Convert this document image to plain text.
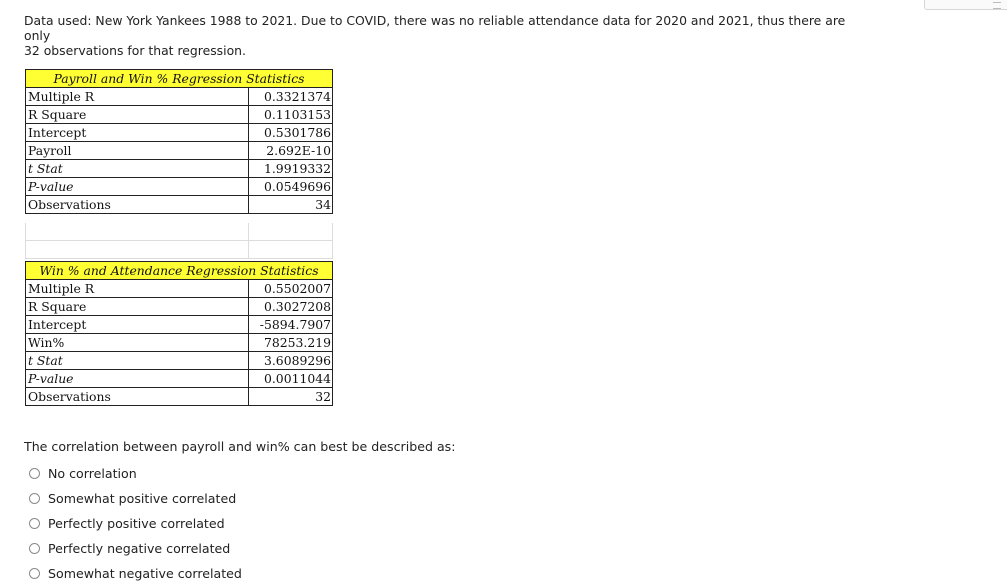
Data used: New York Yankees 1988 to 2021. Due to COVID, there was no reliable attendance data for 2020 and 2021, thus there are only
32 observations for that regression.
Payroll and Win % Regression Statistics	
Multiple R	0.3321374
R Square	0.1103153
Intercept	0.5301786
Payroll	2.692E-10
t Stat	1.9919332
P-value	0.0549696
Observations	34

Win % and Attendance Regression Statistics	
Multiple R	0.5502007
R Square	0.3027208
Intercept	-5894.7907
Win%	78253.219
t Stat	3.6089296
P-value	0.0011044
Observations	32
The correlation between payroll and win% can best be described as:
No correlation
Somewhat positive correlated
Perfectly positive correlated
Perfectly negative correlated
Somewhat negative correlated
